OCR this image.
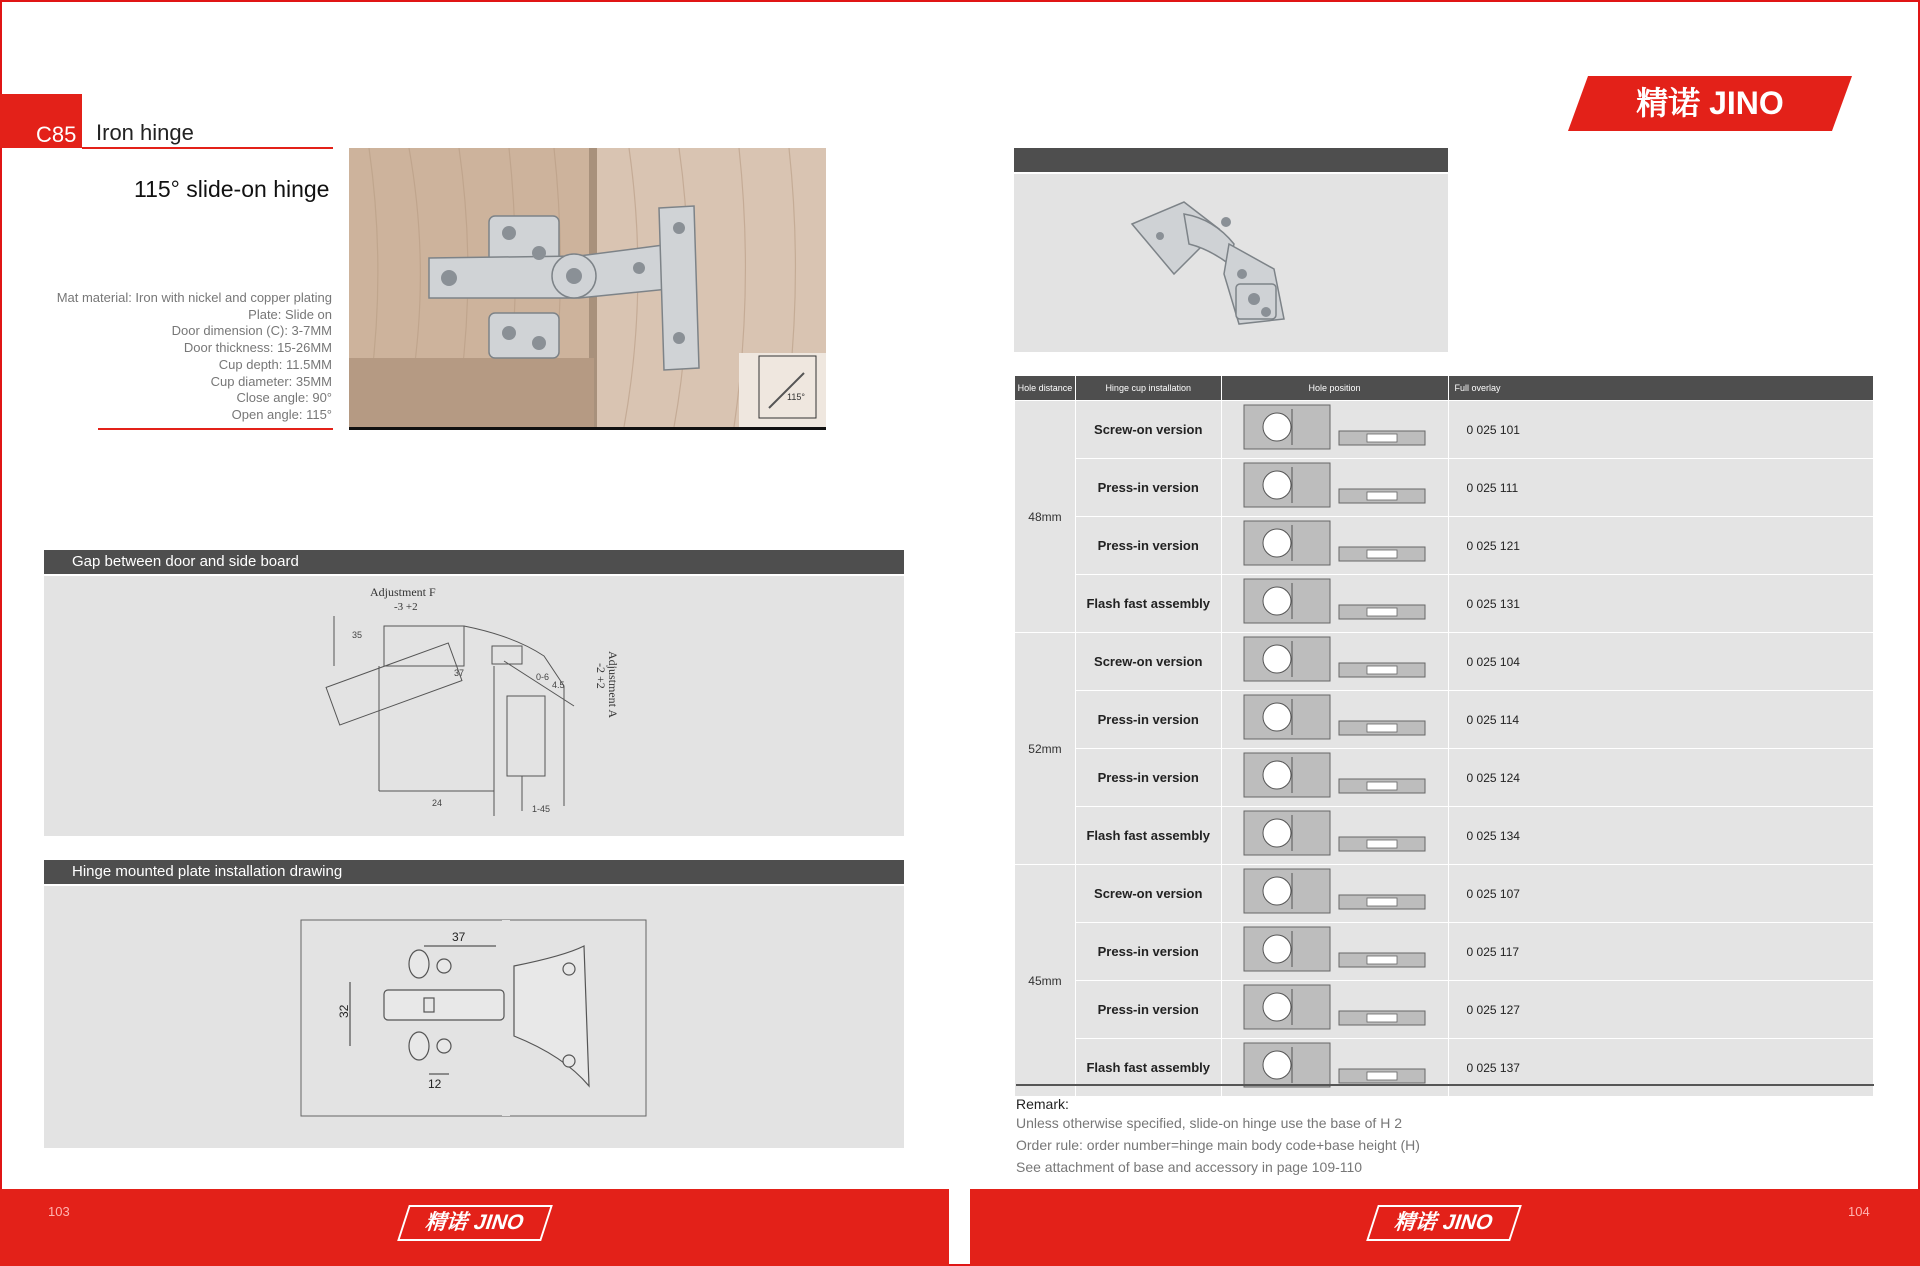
C85 Iron hinge
115° slide-on hinge
Mat material: Iron with nickel and copper plating
Plate: Slide on
Door dimension (C): 3-7MM
Door thickness: 15-26MM
Cup depth: 11.5MM
Cup diameter: 35MM
Close angle: 90°
Open angle: 115°
115°
Gap between door and side board
Adjustment F
-3 +2
37
35
24
0-6
4.5
1-45
Adjustment A
-2 +2
Hinge mounted plate installation drawing
37
32
12
103	精诺 JINO	104
精诺 JINO
精诺 JINO
Hole distance	Hinge cup installation	Hole position	Full overlay
48mm	Screw-on version		0 025 101
	Press-in version		0 025 111
	Press-in version		0 025 121
	Flash fast assembly		0 025 131
52mm	Screw-on version		0 025 104
	Press-in version		0 025 114
	Press-in version		0 025 124
	Flash fast assembly		0 025 134
45mm	Screw-on version		0 025 107
	Press-in version		0 025 117
	Press-in version		0 025 127
	Flash fast assembly		0 025 137
Remark:
Unless otherwise specified, slide-on hinge use the base of H 2
Order rule: order number=hinge main body code+base height (H)
See attachment of base and accessory in page 109-110
